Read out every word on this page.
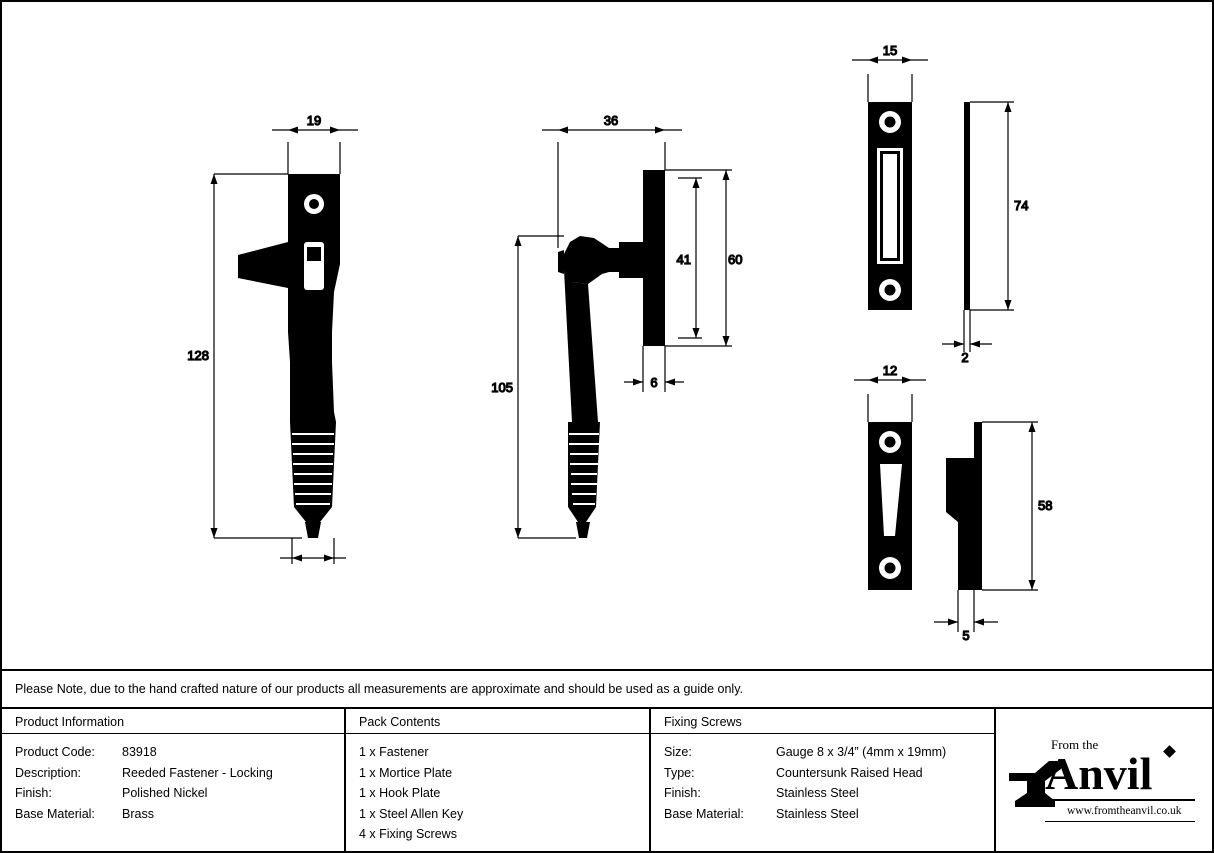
19
128
36
105
41	60
6
15
74
2
12
58
5
Please Note, due to the hand crafted nature of our products all measurements are approximate and should be used as a guide only.
Product Information
Product Code:	83918
Description:	Reeded Fastener - Locking
Finish:	Polished Nickel
Base Material:	Brass
Pack Contents
1 x Fastener
1 x Mortice Plate
1 x Hook Plate
1 x Steel Allen Key
4 x Fixing Screws
Fixing Screws
Size:	Gauge 8 x 3/4” (4mm x 19mm)
Type:	Countersunk Raised Head
Finish:	Stainless Steel
Base Material:	Stainless Steel
From the
Anvil
www.fromtheanvil.co.uk
